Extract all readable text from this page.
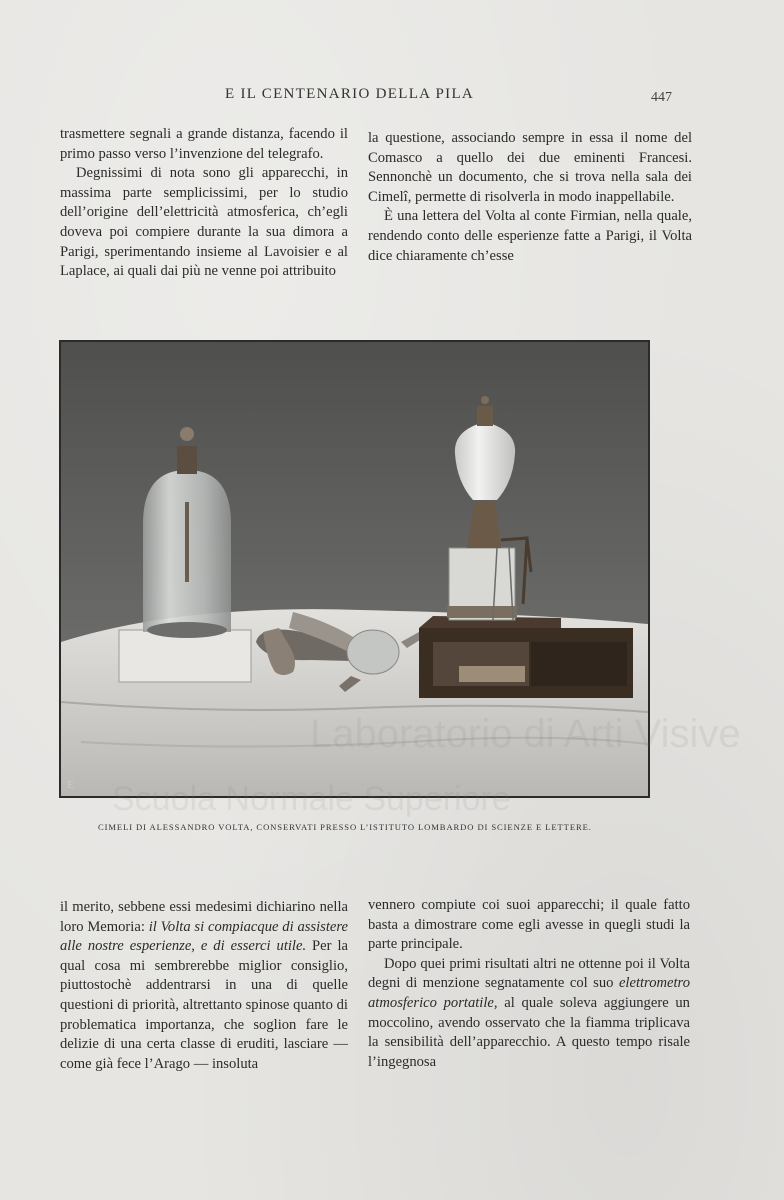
E IL CENTENARIO DELLA PILA	447

trasmettere segnali a grande distanza, facendo il primo passo verso l’invenzione del telegrafo.

Degnissimi di nota sono gli apparecchi, in massima parte semplicissimi, per lo studio dell’origine dell’elettricità atmosferica, ch’egli doveva poi compiere durante la sua dimora a Parigi, sperimentando insieme al Lavoisier e al Laplace, ai quali dai più ne venne poi attribuito

la questione, associando sempre in essa il nome del Comasco a quello dei due eminenti Francesi. Sennonchè un documento, che si trova nella sala dei Cimelî, permette di risolverla in modo inappellabile.

È una lettera del Volta al conte Firmian, nella quale, rendendo conto delle esperienze fatte a Parigi, il Volta dice chiaramente ch’esse

E
CIMELI DI ALESSANDRO VOLTA, CONSERVATI PRESSO L’ISTITUTO LOMBARDO DI SCIENZE E LETTERE.

il merito, sebbene essi medesimi dichiarino nella loro Memoria: il Volta si compiacque di assistere alle nostre esperienze, e di esserci utile. Per la qual cosa mi sembrerebbe miglior consiglio, piuttostochè addentrarsi in una di quelle questioni di priorità, altrettanto spinose quanto di problematica importanza, che soglion fare le delizie di una certa classe di eruditi, lasciare — come già fece l’Arago — insoluta

vennero compiute coi suoi apparecchi; il quale fatto basta a dimostrare come egli avesse in quegli studi la parte principale.

Dopo quei primi risultati altri ne ottenne poi il Volta degni di menzione segnatamente col suo elettrometro atmosferico portatile, al quale soleva aggiungere un moccolino, avendo osservato che la fiamma triplicava la sensibilità dell’apparecchio. A questo tempo risale l’ingegnosa
